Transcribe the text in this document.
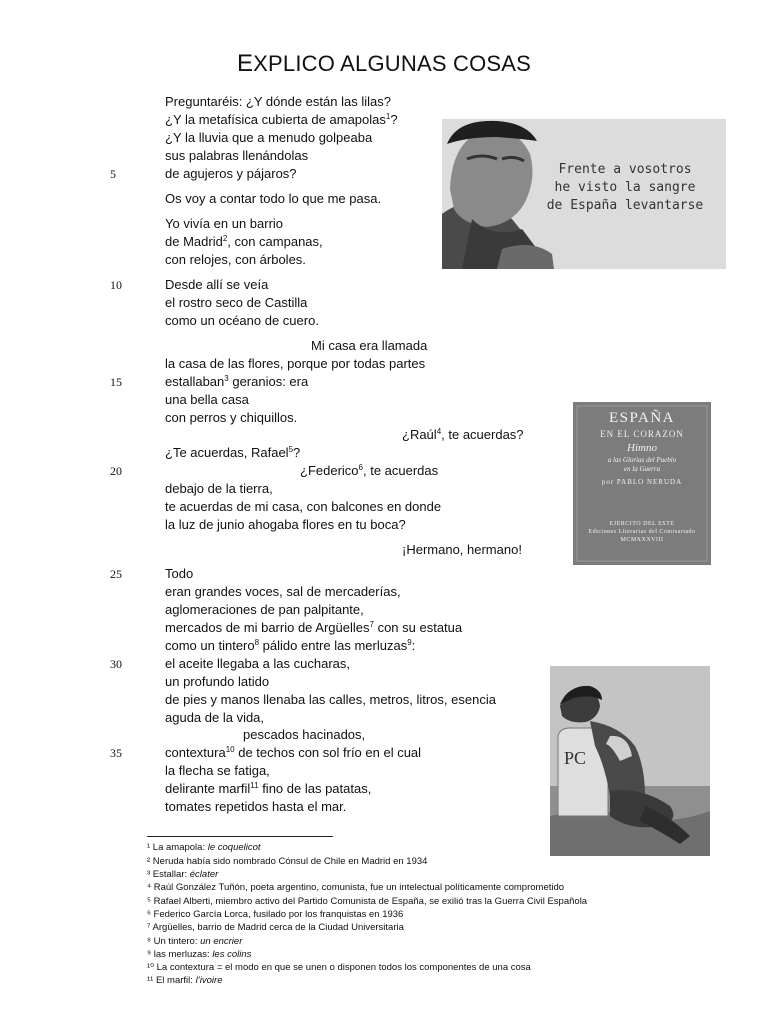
EXPLICO ALGUNAS COSAS
Preguntaréis: ¿Y dónde están las lilas?
¿Y la metafísica cubierta de amapolas$^1$?
¿Y la lluvia que a menudo golpeaba
sus palabras llenándolas
de agujeros y pájaros?
5
Os voy a contar todo lo que me pasa.
Yo vivía en un barrio
de Madrid$^2$, con campanas,
con relojes, con árboles.
Desde allí se veía
10
el rostro seco de Castilla
como un océano de cuero.
Mi casa era llamada
la casa de las flores, porque por todas partes
estallaban$^3$ geranios: era
15
una bella casa
con perros y chiquillos.
¿Raúl$^4$, te acuerdas?
¿Te acuerdas, Rafael$^5$?
¿Federico$^6$, te acuerdas
20
debajo de la tierra,
te acuerdas de mi casa, con balcones en donde
la luz de junio ahogaba flores en tu boca?
¡Hermano, hermano!
Todo
25
eran grandes voces, sal de mercaderías,
aglomeraciones de pan palpitante,
mercados de mi barrio de Argüelles$^7$ con su estatua
como un tintero$^8$ pálido entre las merluzas$^9$:
el aceite llegaba a las cucharas,
30
un profundo latido
de pies y manos llenaba las calles, metros, litros, esencia
aguda de la vida,
pescados hacinados,
contextura$^{10}$ de techos con sol frío en el cual
35
la flecha se fatiga,
delirante marfil$^{11}$ fino de las patatas,
tomates repetidos hasta el mar.
Frente a vosotros
he visto la sangre
de España levantarse
ESPAÑA
EN EL CORAZON
Himno
a las Glorias del Pueblo
en la Guerra
por PABLO NERUDA
EJERCITO DEL ESTE
Ediciones Literarias del Comisariado
MCMXXXVIII
PC
¹ La amapola: le coquelicot
² Neruda había sido nombrado Cónsul de Chile en Madrid en 1934
³ Estallar: éclater
⁴ Raúl González Tuñón, poeta argentino, comunista, fue un intelectual políticamente comprometido
⁵ Rafael Alberti, miembro activo del Partido Comunista de España, se exilió tras la Guerra Civil Española
⁶ Federico García Lorca, fusilado por los franquistas en 1936
⁷ Argüelles, barrio de Madrid cerca de la Ciudad Universitaria
⁸ Un tintero: un encrier
⁹ las merluzas: les colins
¹⁰ La contextura = el modo en que se unen o disponen todos los componentes de una cosa
¹¹ El marfil: l’ivoire
